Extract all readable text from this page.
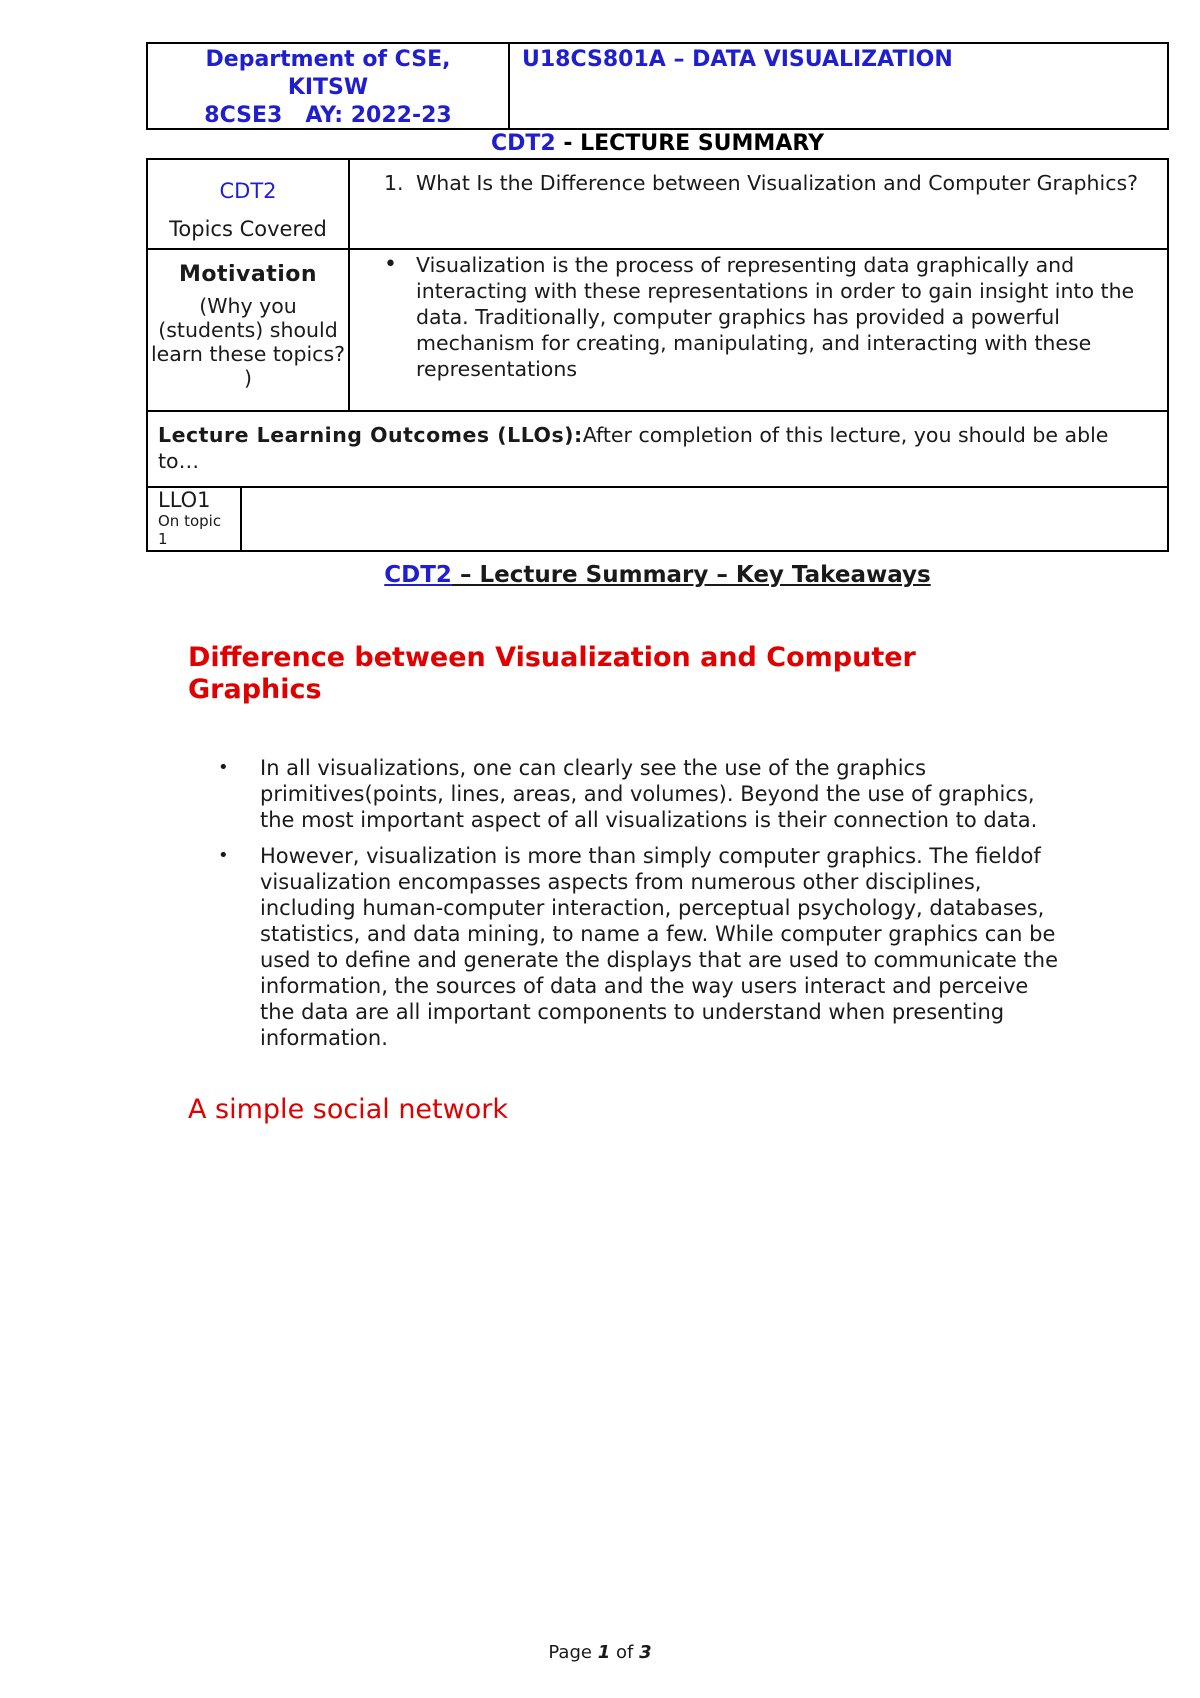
Department of CSE,
KITSW
8CSE3   AY: 2022-23
U18CS801A – DATA VISUALIZATION
CDT2 - LECTURE SUMMARY
CDT2
Topics Covered
1. What Is the Difference between Visualization and Computer Graphics?
Motivation
(Why you (students) should learn these topics? )
• Visualization is the process of representing data graphically and interacting with these representations in order to gain insight into the data. Traditionally, computer graphics has provided a powerful mechanism for creating, manipulating, and interacting with these representations
Lecture Learning Outcomes (LLOs):After completion of this lecture, you should be able to…
LLO1
On topic 1
CDT2 – Lecture Summary – Key Takeaways
Difference between Visualization and Computer Graphics
•	In all visualizations, one can clearly see the use of the graphics primitives(points, lines, areas, and volumes). Beyond the use of graphics, the most important aspect of all visualizations is their connection to data.
•	However, visualization is more than simply computer graphics. The fieldof visualization encompasses aspects from numerous other disciplines, including human-computer interaction, perceptual psychology, databases, statistics, and data mining, to name a few. While computer graphics can be used to define and generate the displays that are used to communicate the information, the sources of data and the way users interact and perceive the data are all important components to understand when presenting information.
A simple social network
Page 1 of 3
